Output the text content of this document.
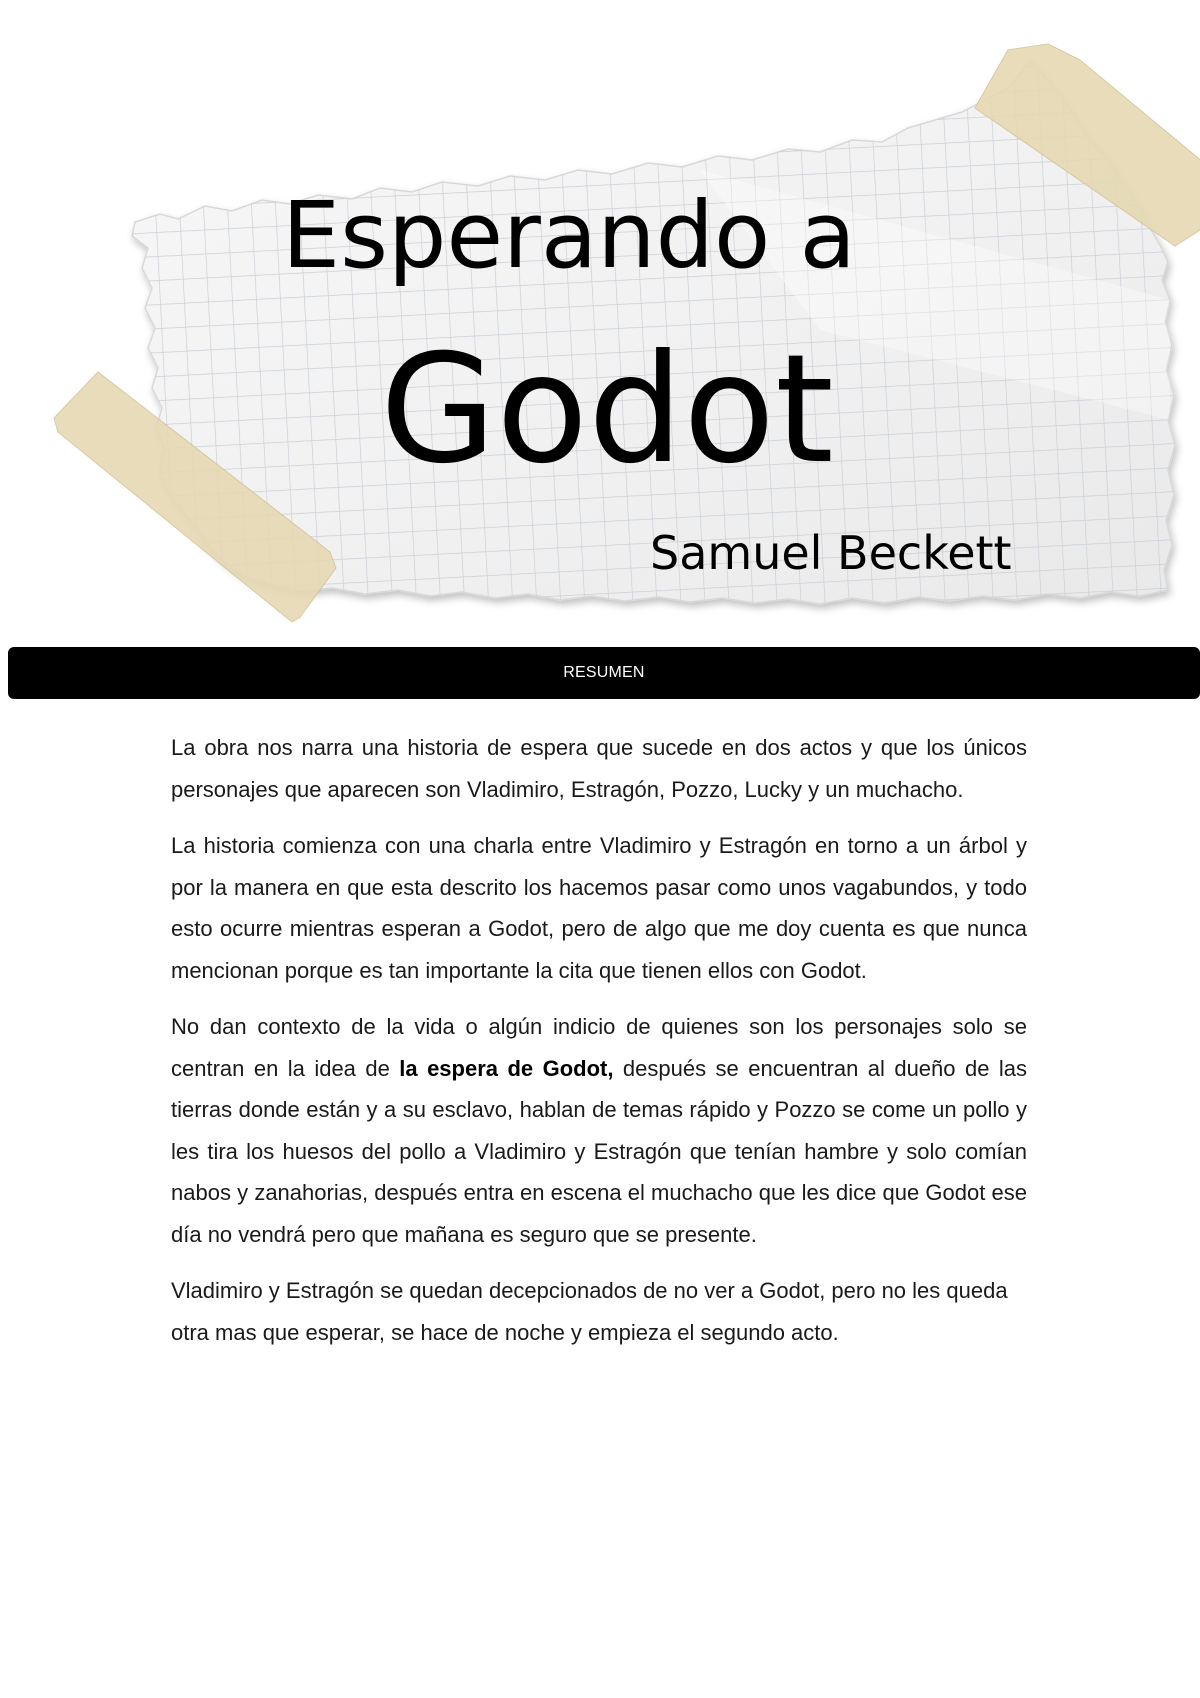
Esperando a
Godot
Samuel Beckett
RESUMEN

La obra nos narra una historia de espera que sucede en dos actos y que los únicos personajes que aparecen son Vladimiro, Estragón, Pozzo, Lucky y un muchacho.

La historia comienza con una charla entre Vladimiro y Estragón en torno a un árbol y por la manera en que esta descrito los hacemos pasar como unos vagabundos, y todo esto ocurre mientras esperan a Godot, pero de algo que me doy cuenta es que nunca mencionan porque es tan importante la cita que tienen ellos con Godot.

No dan contexto de la vida o algún indicio de quienes son los personajes solo se centran en la idea de la espera de Godot, después se encuentran al dueño de las tierras donde están y a su esclavo, hablan de temas rápido y Pozzo se come un pollo y les tira los huesos del pollo a Vladimiro y Estragón que tenían hambre y solo comían nabos y zanahorias, después entra en escena el muchacho que les dice que Godot ese día no vendrá pero que mañana es seguro que se presente.

Vladimiro y Estragón se quedan decepcionados de no ver a Godot, pero no les queda otra mas que esperar, se hace de noche y empieza el segundo acto.
